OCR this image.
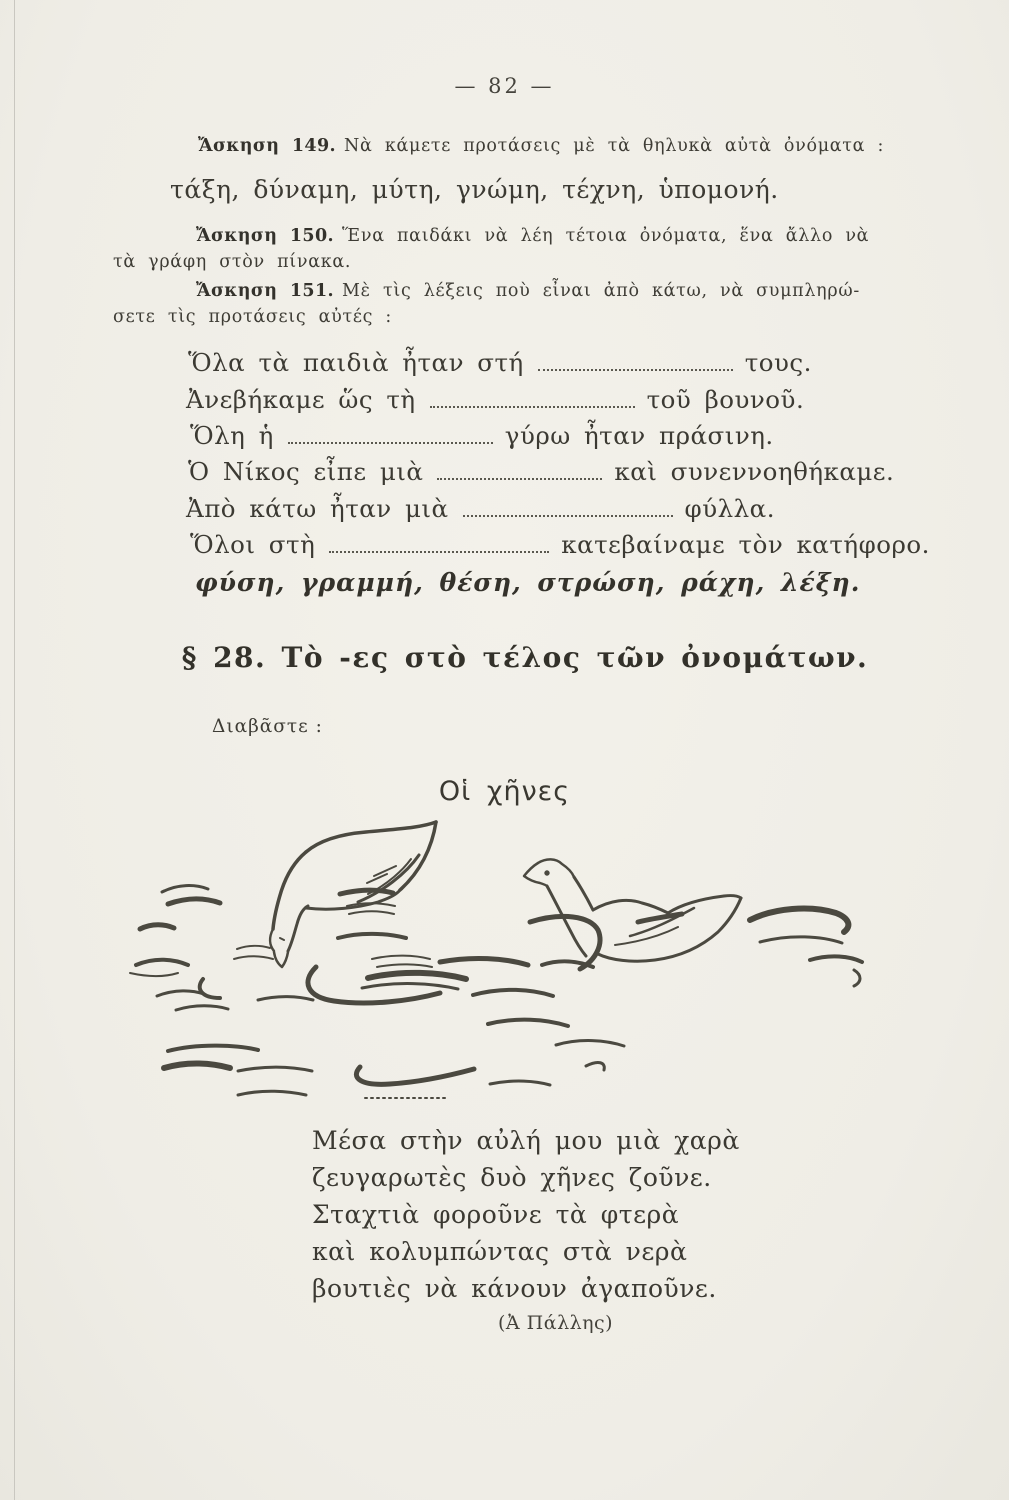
— 82 —
Ἄσκηση 149. Νὰ κάμετε προτάσεις μὲ τὰ θηλυκὰ αὐτὰ ὀνόματα :
τάξη, δύναμη, μύτη, γνώμη, τέχνη, ὑπομονή.
Ἄσκηση 150. Ἕνα παιδάκι νὰ λέη τέτοια ὀνόματα, ἕνα ἄλλο νὰ
τὰ γράφη στὸν πίνακα.
Ἄσκηση 151. Μὲ τὶς λέξεις ποὺ εἶναι ἀπὸ κάτω, νὰ συμπληρώ-
σετε τὶς προτάσεις αὐτές :
Ὅλα τὰ παιδιὰ ἦταν στή	τους.
Ἀνεβήκαμε ὥς τὴ	τοῦ βουνοῦ.
Ὅλη ἡ	γύρω ἦταν πράσινη.
Ὁ Νίκος εἶπε μιὰ	καὶ συνεννοηθήκαμε.
Ἀπὸ κάτω ἦταν μιὰ	φύλλα.
Ὅλοι στὴ	κατεβαίναμε τὸν κατήφορο.
φύση, γραμμή, θέση, στρώση, ράχη, λέξη.
§ 28. Τὸ -ες στὸ τέλος τῶν ὀνομάτων.
Διαβᾶστε :
Οἱ χῆνες
Μέσα στὴν αὐλή μου μιὰ χαρὰ
ζευγαρωτὲς δυὸ χῆνες ζοῦνε.
Σταχτιὰ φοροῦνε τὰ φτερὰ
καὶ κολυμπώντας στὰ νερὰ
βουτιὲς νὰ κάνουν ἀγαποῦνε.
(Ἀ Πάλλης)
